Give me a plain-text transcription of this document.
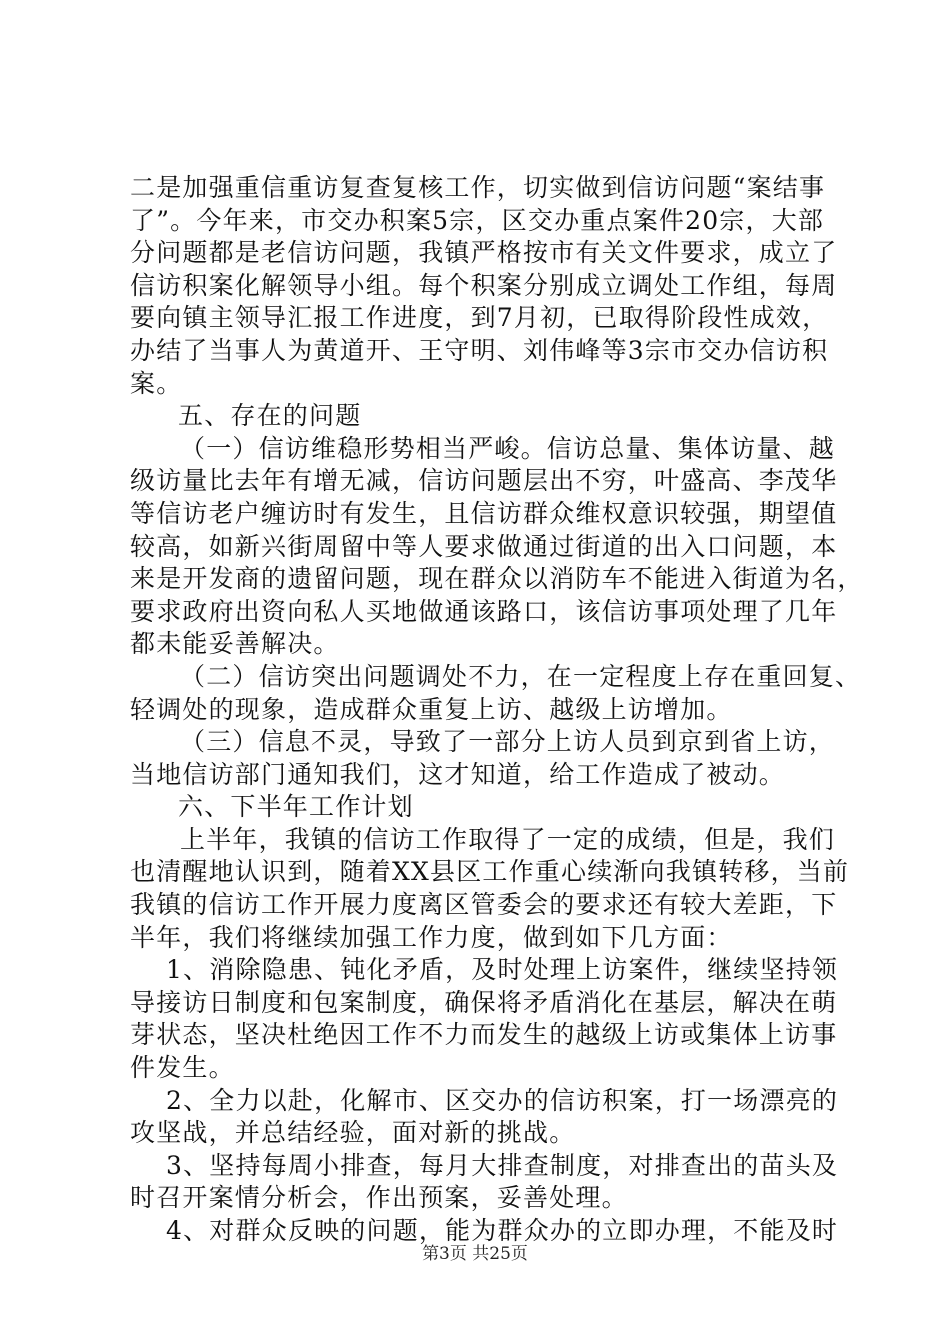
二是加强重信重访复查复核工作，切实做到信访问题“案结事
了”。今年来，市交办积案5宗，区交办重点案件20宗，大部
分问题都是老信访问题，我镇严格按市有关文件要求，成立了
信访积案化解领导小组。每个积案分别成立调处工作组，每周
要向镇主领导汇报工作进度，到7月初，已取得阶段性成效，
办结了当事人为黄道开、王守明、刘伟峰等3宗市交办信访积
案。
五、存在的问题
（一）信访维稳形势相当严峻。信访总量、集体访量、越
级访量比去年有增无减，信访问题层出不穷，叶盛高、李茂华
等信访老户缠访时有发生，且信访群众维权意识较强，期望值
较高，如新兴街周留中等人要求做通过街道的出入口问题，本
来是开发商的遗留问题，现在群众以消防车不能进入街道为名，
要求政府出资向私人买地做通该路口，该信访事项处理了几年
都未能妥善解决。
（二）信访突出问题调处不力，在一定程度上存在重回复、
轻调处的现象，造成群众重复上访、越级上访增加。
（三）信息不灵，导致了一部分上访人员到京到省上访，
当地信访部门通知我们，这才知道，给工作造成了被动。
六、下半年工作计划
上半年，我镇的信访工作取得了一定的成绩，但是，我们
也清醒地认识到，随着XX县区工作重心续渐向我镇转移，当前
我镇的信访工作开展力度离区管委会的要求还有较大差距，下
半年，我们将继续加强工作力度，做到如下几方面：
1、消除隐患、钝化矛盾，及时处理上访案件，继续坚持领
导接访日制度和包案制度，确保将矛盾消化在基层，解决在萌
芽状态，坚决杜绝因工作不力而发生的越级上访或集体上访事
件发生。
2、全力以赴，化解市、区交办的信访积案，打一场漂亮的
攻坚战，并总结经验，面对新的挑战。
3、坚持每周小排查，每月大排查制度，对排查出的苗头及
时召开案情分析会，作出预案，妥善处理。
4、对群众反映的问题，能为群众办的立即办理，不能及时
第3页 共25页
